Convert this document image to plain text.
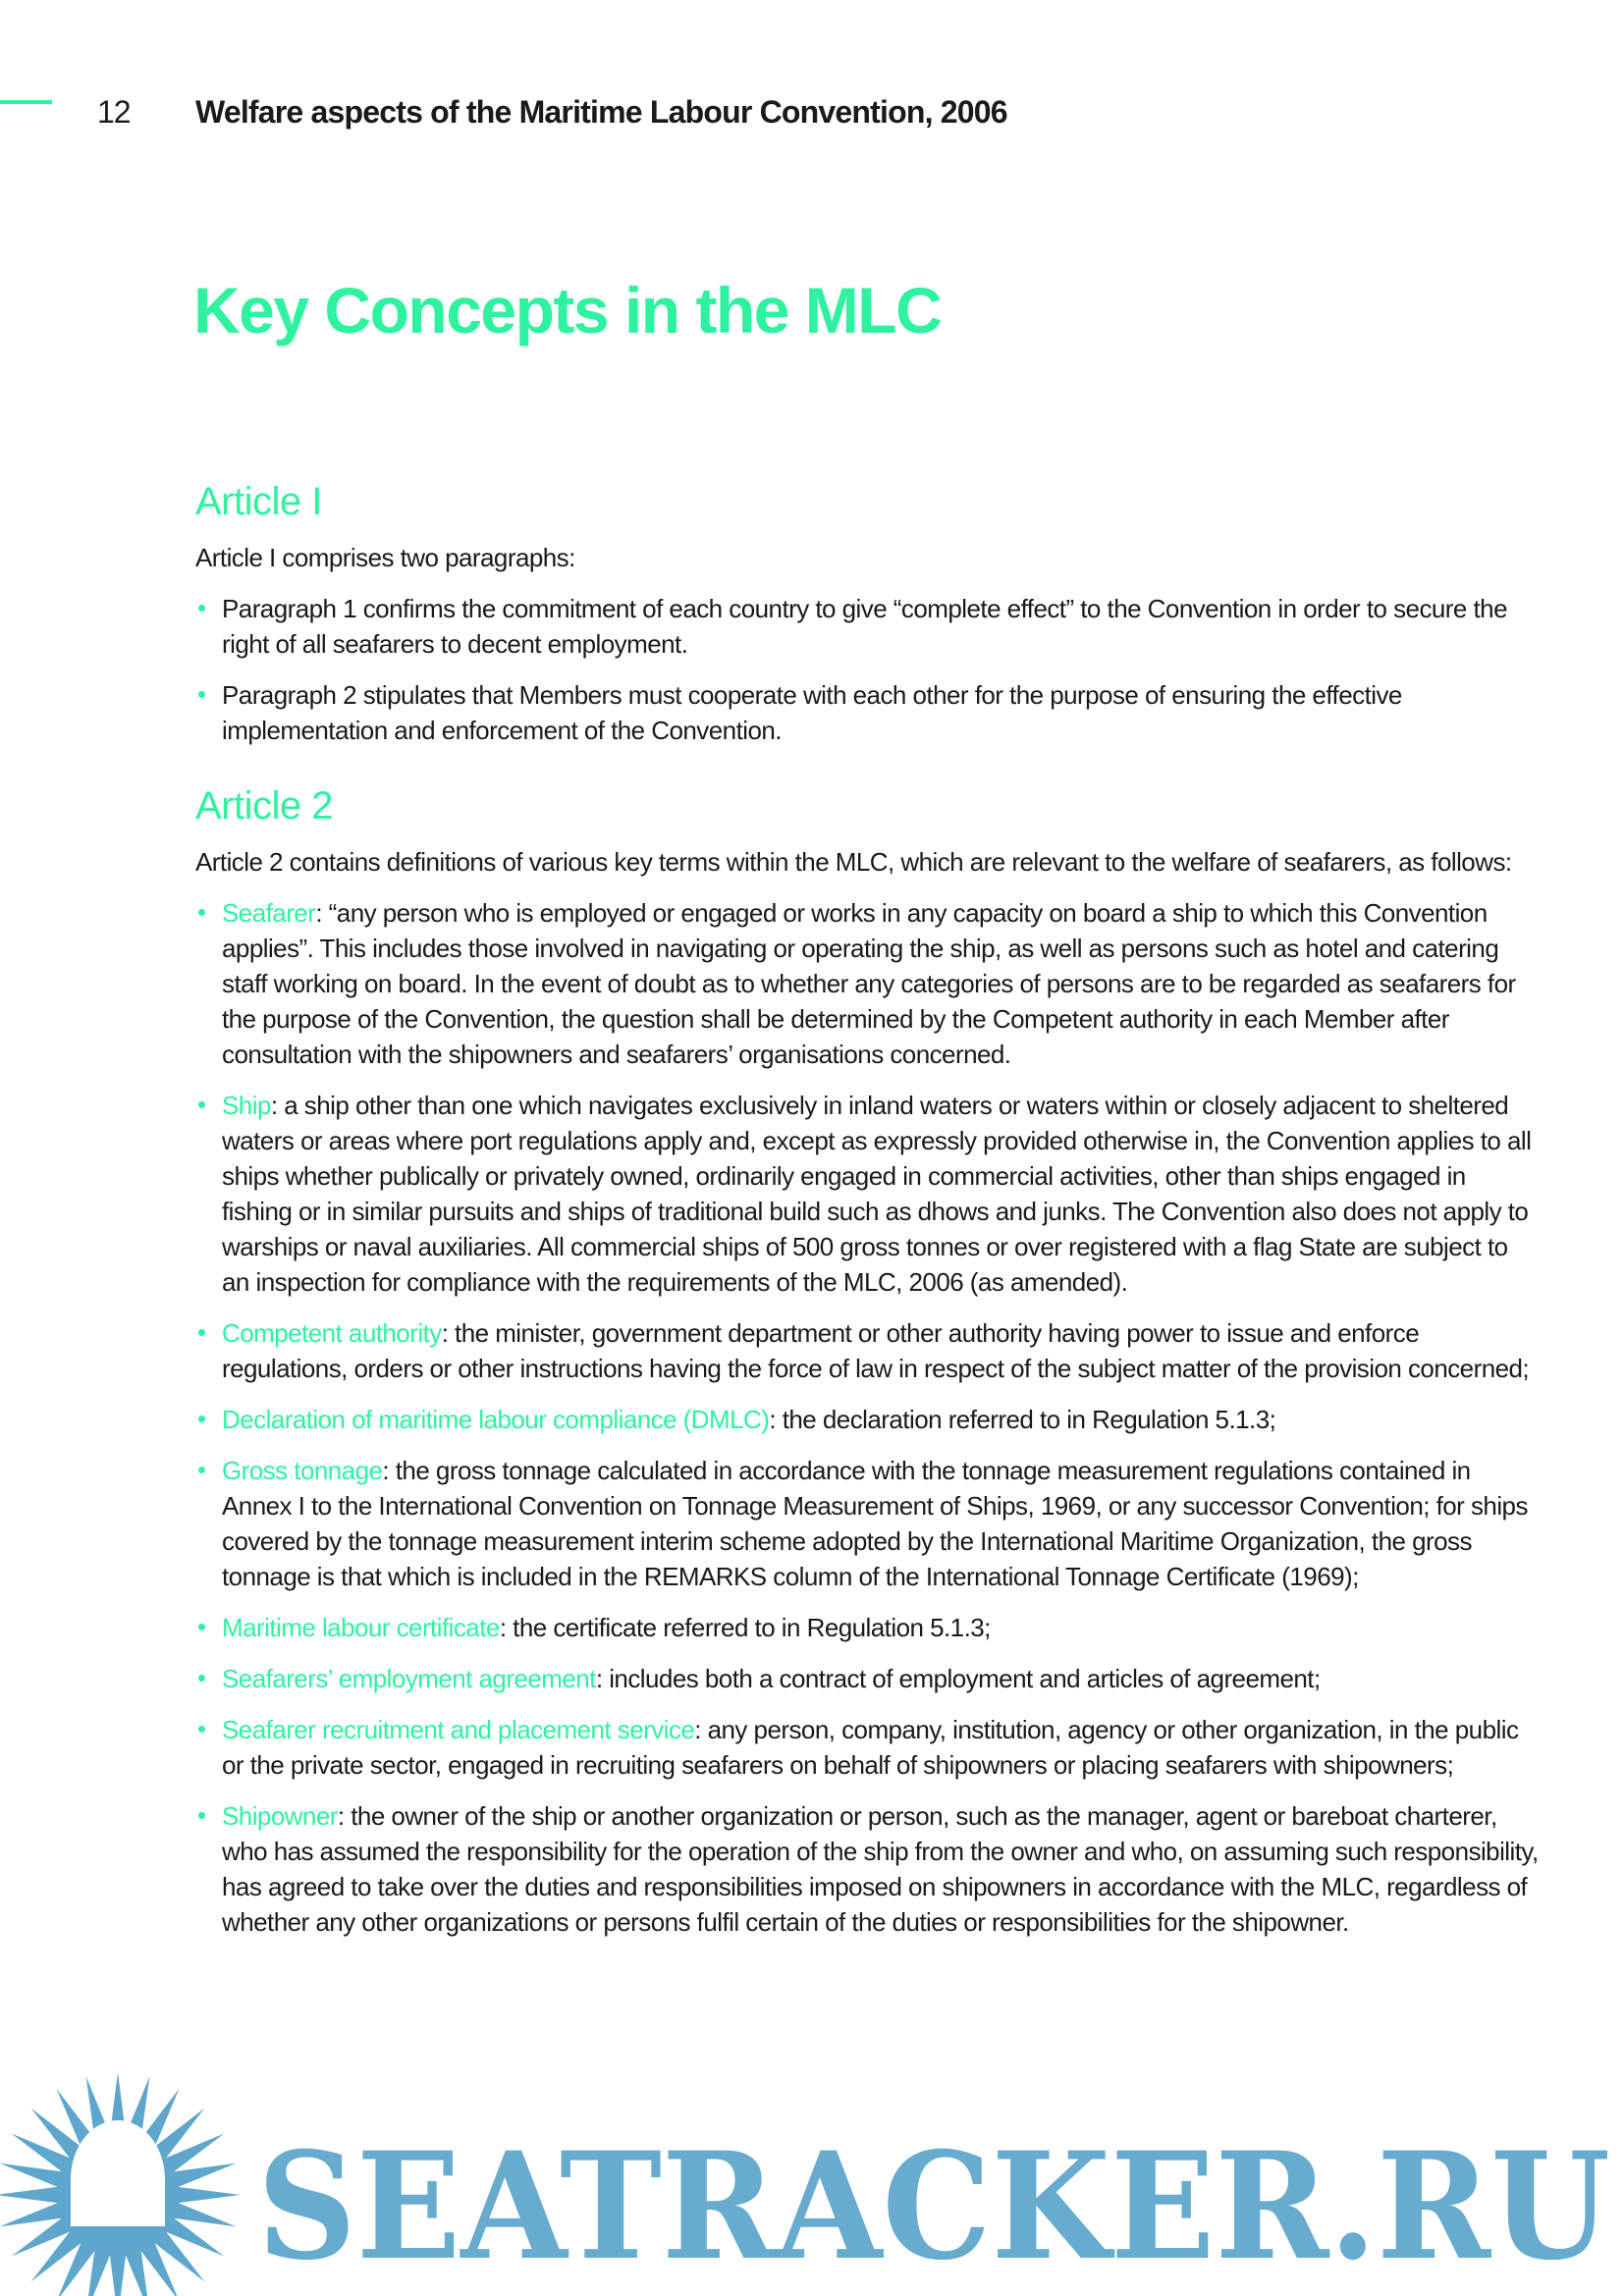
12 Welfare aspects of the Maritime Labour Convention, 2006
Key Concepts in the MLC
Article I

Article I comprises two paragraphs:

Paragraph 1 confirms the commitment of each country to give “complete effect” to the Convention in order to secure the right of all seafarers to decent employment.
Paragraph 2 stipulates that Members must cooperate with each other for the purpose of ensuring the effective implementation and enforcement of the Convention.
Article 2

Article 2 contains definitions of various key terms within the MLC, which are relevant to the welfare of seafarers, as follows:

Seafarer: “any person who is employed or engaged or works in any capacity on board a ship to which this Convention applies”. This includes those involved in navigating or operating the ship, as well as persons such as hotel and catering staff working on board. In the event of doubt as to whether any categories of persons are to be regarded as seafarers for the purpose of the Convention, the question shall be determined by the Competent authority in each Member after consultation with the shipowners and seafarers’ organisations concerned.
Ship: a ship other than one which navigates exclusively in inland waters or waters within or closely adjacent to sheltered waters or areas where port regulations apply and, except as expressly provided otherwise in, the Convention applies to all ships whether publically or privately owned, ordinarily engaged in commercial activities, other than ships engaged in fishing or in similar pursuits and ships of traditional build such as dhows and junks. The Convention also does not apply to warships or naval auxiliaries. All commercial ships of 500 gross tonnes or over registered with a flag State are subject to an inspection for compliance with the requirements of the MLC, 2006 (as amended).
Competent authority: the minister, government department or other authority having power to issue and enforce regulations, orders or other instructions having the force of law in respect of the subject matter of the provision concerned;
Declaration of maritime labour compliance (DMLC): the declaration referred to in Regulation 5.1.3;
Gross tonnage: the gross tonnage calculated in accordance with the tonnage measurement regulations contained in Annex I to the International Convention on Tonnage Measurement of Ships, 1969, or any successor Convention; for ships covered by the tonnage measurement interim scheme adopted by the International Maritime Organization, the gross tonnage is that which is included in the REMARKS column of the International Tonnage Certificate (1969);
Maritime labour certificate: the certificate referred to in Regulation 5.1.3;
Seafarers’ employment agreement: includes both a contract of employment and articles of agreement;
Seafarer recruitment and placement service: any person, company, institution, agency or other organization, in the public or the private sector, engaged in recruiting seafarers on behalf of shipowners or placing seafarers with shipowners;
Shipowner: the owner of the ship or another organization or person, such as the manager, agent or bareboat charterer, who has assumed the responsibility for the operation of the ship from the owner and who, on assuming such responsibility, has agreed to take over the duties and responsibilities imposed on shipowners in accordance with the MLC, regardless of whether any other organizations or persons fulfil certain of the duties or responsibilities for the shipowner.
SEATRACKER.RU
